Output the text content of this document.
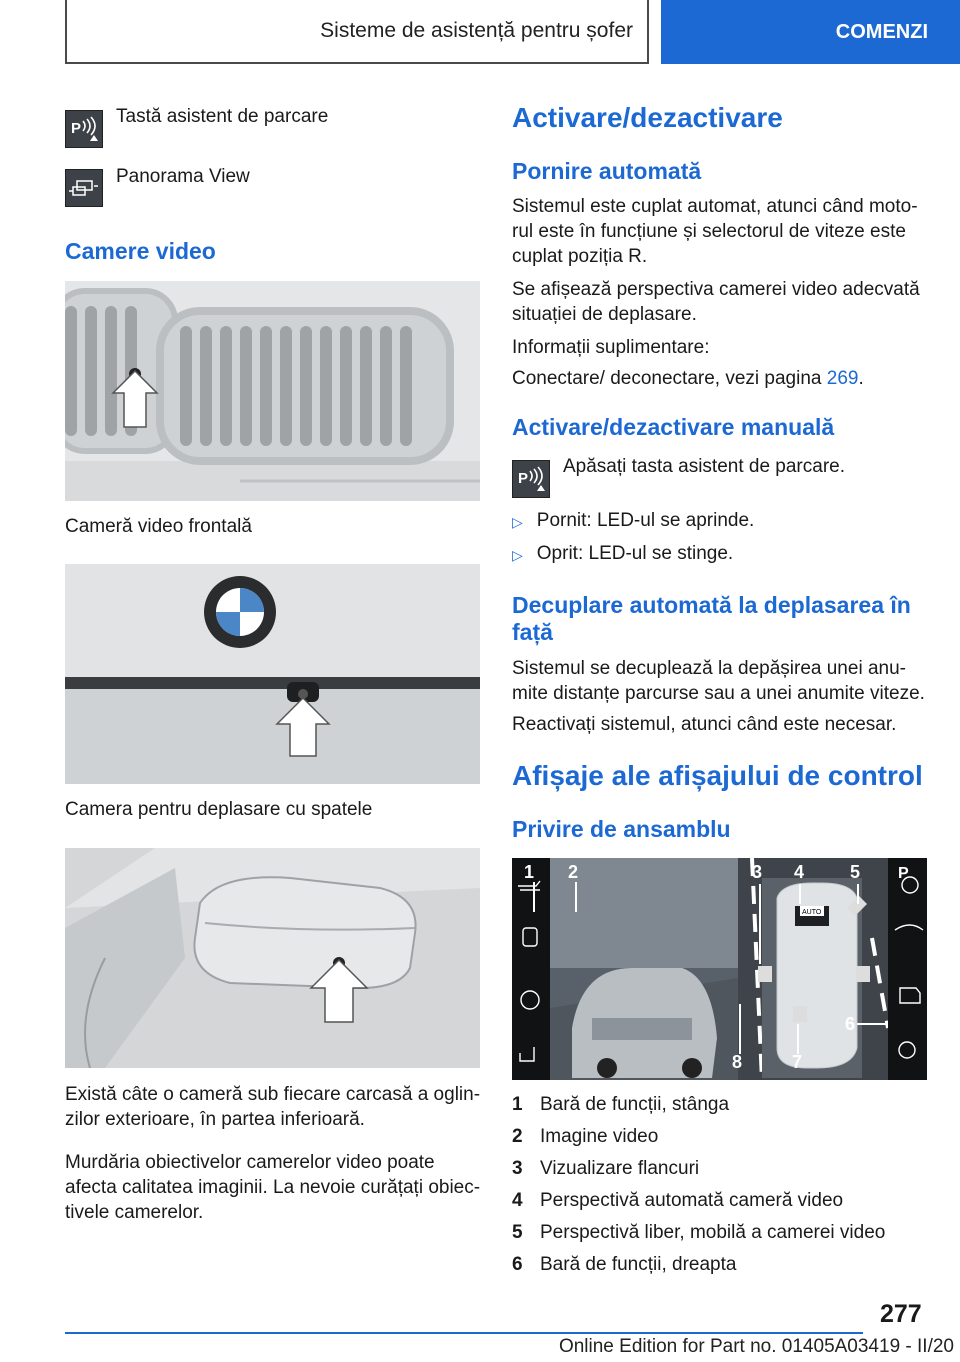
Sisteme de asistență pentru șofer	COMENZI
P
Tastă asistent de parcare
Panorama View
Camere video
Cameră video frontală
Camera pentru deplasare cu spatele

Există câte o cameră sub fiecare carcasă a oglin‐

zilor exterioare, în partea inferioară.

Murdăria obiectivelor camerelor video poate

afecta calitatea imaginii. La nevoie curățați obiec‐

tivele camerelor.

Activare/dezactivare
Pornire automată

Sistemul este cuplat automat, atunci când moto‐

rul este în funcțiune și selectorul de viteze este

cuplat poziția R.

Se afișează perspectiva camerei video adecvată

situației de deplasare.

Informații suplimentare:

Conectare/ deconectare, vezi pagina 269.

Activare/dezactivare manuală
P
Apăsați tasta asistent de parcare.
▷ Pornit: LED-ul se aprinde.
▷ Oprit: LED-ul se stinge.
Decuplare automată la deplasarea în
față

Sistemul se decuplează la depășirea unei anu‐

mite distanțe parcurse sau a unei anumite viteze.

Reactivați sistemul, atunci când este necesar.

Afișaje ale afișajului de control
Privire de ansamblu
AUTO
P
1 2	3 4	5
6
7
8
1 Bară de funcții, stânga
2 Imagine video
3 Vizualizare flancuri
4 Perspectivă automată cameră video
5 Perspectivă liber, mobilă a camerei video
6 Bară de funcții, dreapta
277
Online Edition for Part no. 01405A03419 - II/20
